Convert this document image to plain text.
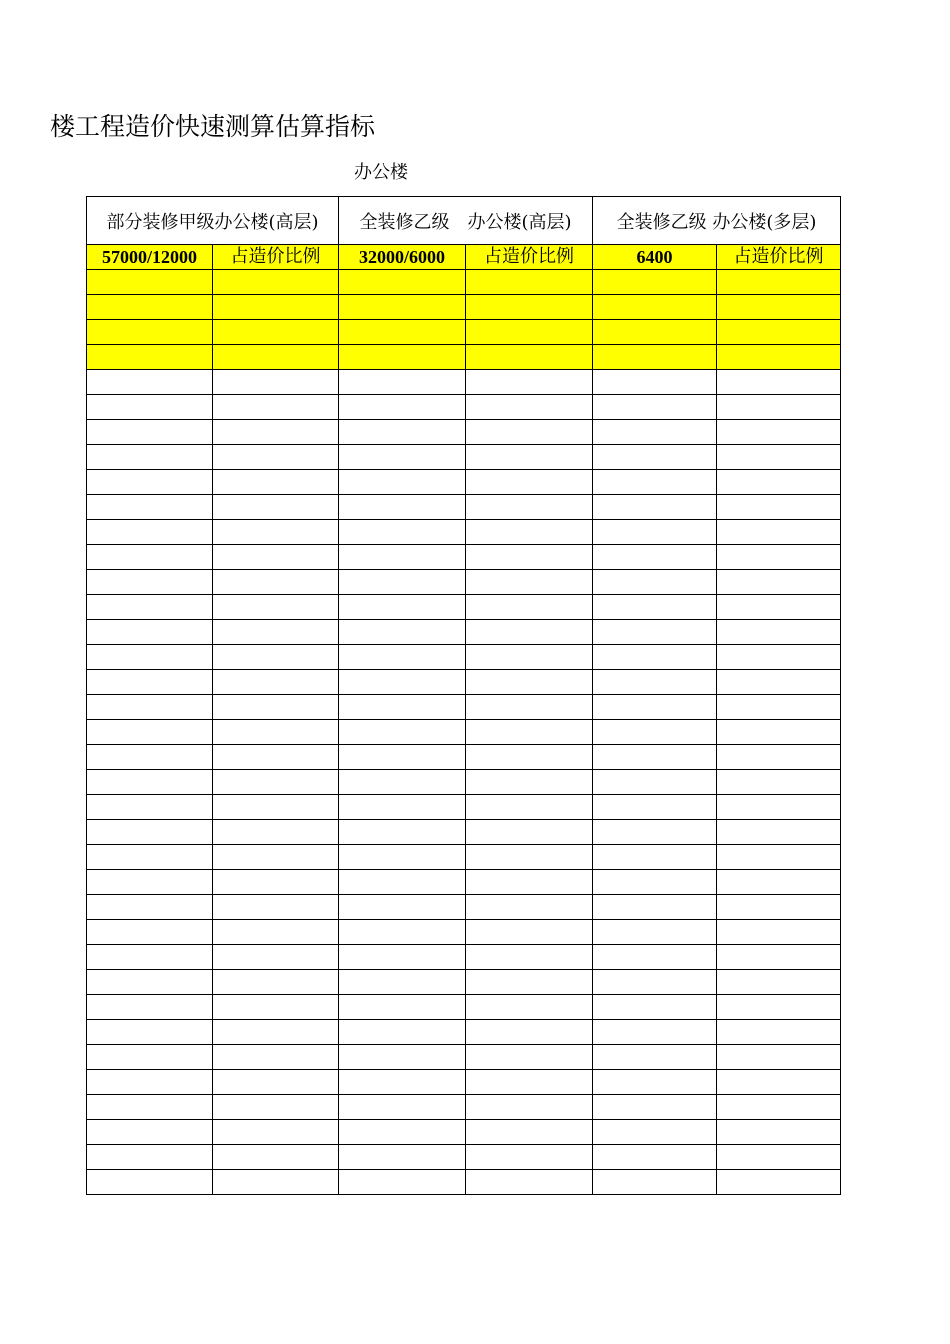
楼工程造价快速测算估算指标
办公楼
部分装修甲级办公楼(高层)		全装修乙级　办公楼(高层)		全装修乙级 办公楼(多层)	
57000/12000	占造价比例	32000/6000	占造价比例	6400	占造价比例
